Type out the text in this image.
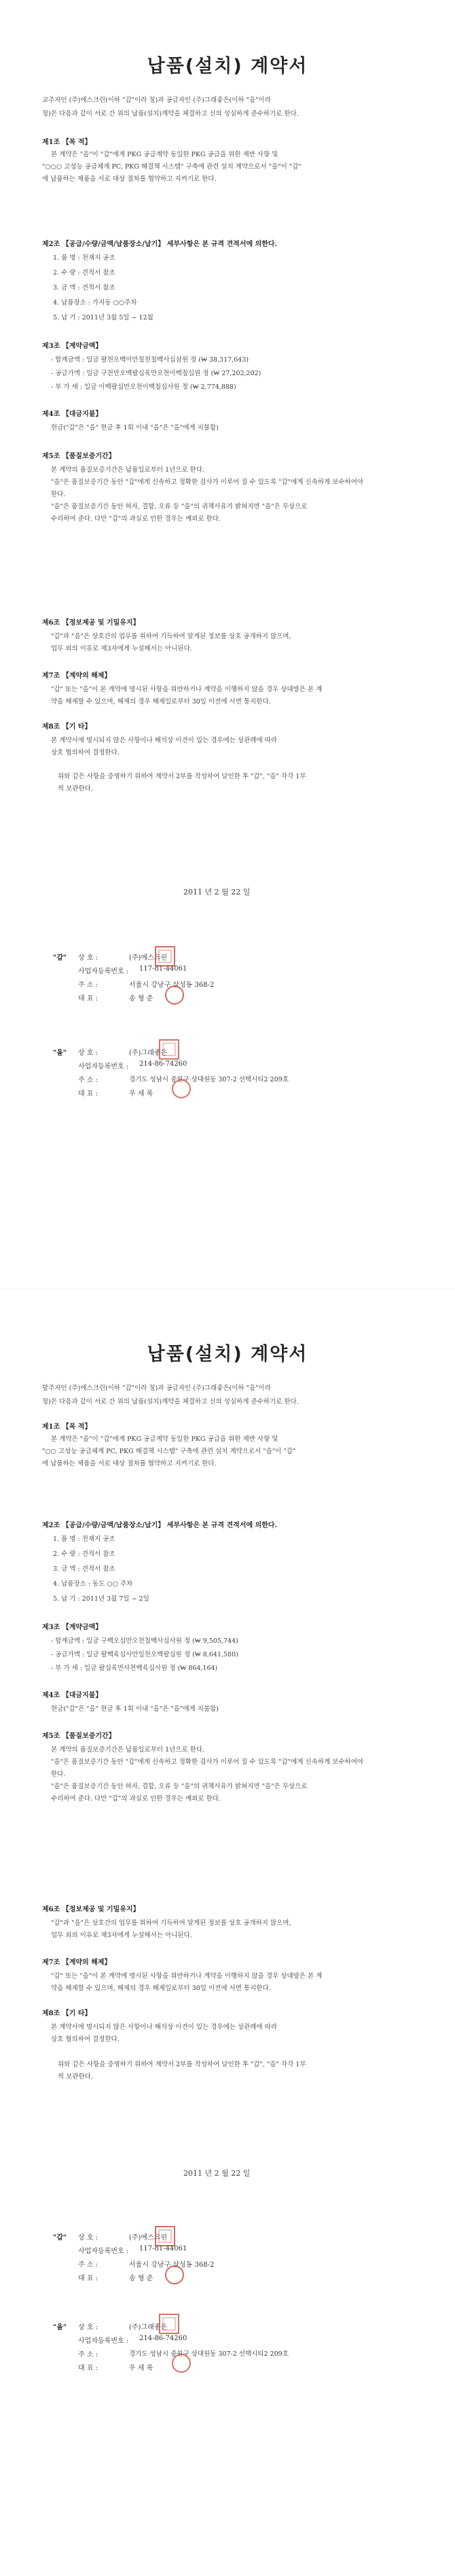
납품(설치) 계약서
교주자인 (주)에스크린(이하 "갑"이라 칭)과 공급자인 (주)그래좋은(이하 "을"이라
칭)은 다음과 같이 서로 간 위의 납품(설치)계약을 체결하고 신의 성실하게 준수하기로 한다.
제1조 【목 적】
본 계약은 "을"이 "갑"에게 PKG 공급계약 동일한 PKG 공급을 위한 제반 사항 및
"○○○ 고성능 공급체계 PC, PKG 해결책 시스템" 구축에 관련 설치 계약으로서 "을"이 "갑"
에 납품하는 제품을 서로 대상 절차를 협약하고 지켜기로 한다.
제2조 【공급/수량/금액/납품장소/납기】 세부사항은 본 규격 견적서에 의한다.
1. 품 명 : 천재지 공조
2. 수 량 : 견적서 참조
3. 금 액 : 견적서 참조
4. 납품장소 : 가지동 ○○주차
5. 납 기 : 2011년 3월 5일 ~ 12월
제3조 【계약금액】
- 합계금액 : 일금 팔천오백이만칠천칠백사십삼원 정 (₩ 38,317,643)
- 공급가액 : 일금 구천만오백팔십육만오천이백칠십원 정 (₩ 27,202,202)
- 부 가 세 : 일금 이백팔십만오천이백칠십사원 정 (₩ 2,774,888)
제4조 【대금지불】
현금("갑"은 "을" 현금 후 1회 이내 "을"은 "을"에게 지불함)
제5조 【품질보증기간】
본 계약의 품질보증기간은 납품일로부터 1년으로 한다.
"을"은 품질보증기간 동안 "갑"에게 신속하고 정확한 검사가 이루어 질 수 있도록 "갑"에게 신속하게 보수하여야
한다.
"을"은 품질보증기간 동안 하자, 결함, 오류 등 "을"의 귀책사유가 밝혀지면 "을"은 무상으로
수리하여 준다. 다만 "갑"의 과실로 인한 경우는 예외로 한다.
제6조 【정보제공 및 기밀유지】
"갑"과 "을"은 상호간의 업무를 위하여 기득하여 알게된 정보를 상호 공개하지 않으며,
업무 외의 이유로 제3자에게 누설해서는 아니된다.
제7조 【계약의 해제】
"갑" 또는 "을"이 본 계약에 명시된 사항을 위반하거나 계약을 이행하지 않을 경우 상대방은 본 계
약을 해제할 수 있으며, 해제의 경우 해제일로부터 30일 이전에 서면 통지한다.
제8조 【기 타】
본 계약서에 명시되지 않은 사항이나 해석상 이견이 있는 경우에는 상관례에 따라
상호 협의하여 결정한다.
위와 같은 사항을 증명하기 위하여 계약서 2부를 작성하여 날인한 후 "갑", "을" 각각 1부
씩 보관한다.
2011 년 2 월 22 일
"갑" 상 호 :	(주)에스크린
사업자등록번호 : 117-81-44061
주 소 :	서울시 강남구 삼성동 368-2
대 표 :	송 형 준
"을" 상 호 :	(주)그래좋은
사업자등록번호 : 214-86-74260
주 소 :	경기도 성남시 중원구 상대원동 307-2 선택시티2 209호
대 표 :	우 세 록
납품(설치) 계약서
발주자인 (주)에스크린(이하 "갑"이라 칭)과 공급자인 (주)그래좋은(이하 "을"이라
칭)은 다음과 같이 서로 간 위의 납품(설치)계약을 체결하고 신의 성실하게 준수하기로 한다.
제1조 【목 적】
본 계약은 "을"이 "갑"에게 PKG 공급계약 동일한 PKG 공급을 위한 제반 사항 및
"○○ 고성능 공급체계 PC, PKG 해결책 시스템" 구축에 관련 설치 계약으로서 "을"이 "갑"
에 납품하는 제품을 서로 대상 절차를 협약하고 지켜기로 한다.
제2조 【공급/수량/금액/납품장소/납기】 세부사항은 본 규격 견적서에 의한다.
1. 품 명 : 천재지 공조
2. 수 량 : 견적서 참조
3. 금 액 : 견적서 참조
4. 납품장소 : 동도 ○○ 주차
5. 납 기 : 2011년 3월 7일 ~ 2일
제3조 【계약금액】
- 합계금액 : 일금 구백오십만오천칠백사십사원 정 (₩ 9,505,744)
- 공급가액 : 일금 팔백육십사만일천오백팔십원 정 (₩ 8,641,580)
- 부 가 세 : 일금 팔십육만사천백육십사원 정 (₩ 864,164)
제4조 【대금지불】
현금("갑"은 "을" 현금 후 1회 이내 "을"은 "을"에게 지불함)
제5조 【품질보증기간】
본 계약의 품질보증기간은 납품일로부터 1년으로 한다.
"을"은 품질보증기간 동안 "갑"에게 신속하고 정확한 검사가 이루어 질 수 있도록 "갑"에게 신속하게 보수하여야
한다.
"을"은 품질보증기간 동안 하자, 결함, 오류 등 "을"의 귀책사유가 밝혀지면 "을"은 무상으로
수리하여 준다. 다만 "갑"의 과실로 인한 경우는 예외로 한다.
제6조 【정보제공 및 기밀유지】
"갑"과 "을"은 상호간의 업무를 위하여 기득하여 알게된 정보를 상호 공개하지 않으며,
업무 외의 이유로 제3자에게 누설해서는 아니된다.
제7조 【계약의 해제】
"갑" 또는 "을"이 본 계약에 명시된 사항을 위반하거나 계약을 이행하지 않을 경우 상대방은 본 계
약을 해제할 수 있으며, 해제의 경우 해제일로부터 30일 이전에 서면 통지한다.
제8조 【기 타】
본 계약서에 명시되지 않은 사항이나 해석상 이견이 있는 경우에는 상관례에 따라
상호 협의하여 결정한다.
위와 같은 사항을 증명하기 위하여 계약서 2부를 작성하여 날인한 후 "갑", "을" 각각 1부
씩 보관한다.
2011 년 2 월 22 일
"갑" 상 호 :	(주)에스크린
사업자등록번호 : 117-81-44061
주 소 :	서울시 강남구 삼성동 368-2
대 표 :	송 형 준
"을" 상 호 :	(주)그래좋은
사업자등록번호 : 214-86-74260
주 소 :	경기도 성남시 중원구 상대원동 307-2 선택시티2 209호
대 표 :	우 세 록
